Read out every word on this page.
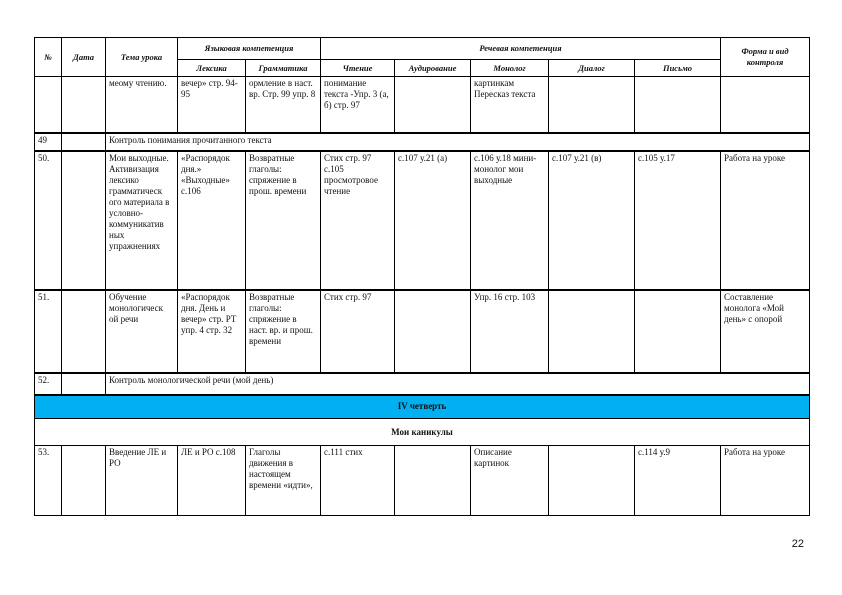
№	Дата	Тема урока	Языковая компетенция		Речевая компетенция					Форма и вид контроля
			Лексика	Грамматика	Чтение	Аудирование	Монолог	Диалог	Письмо	
		меому чтению.	вечер» стр. 94-95	ормление в наст. вр. Стр. 99 упр. 8	понимание текста -Упр. 3 (а, б) стр. 97		картинкам Пересказ текста			
49		Контроль понимания прочитанного текста								
50.		Мои выходные. Активизация лексико грамматическ ого материала в условно-коммуникатив ных упражнениях	«Распорядок дня.» «Выходные» с.106	Возвратные глаголы: спряжение в прош. времени	Стих стр. 97 с.105 просмотровое чтение	с.107 у.21 (а)	с.106 у.18 мини-монолог мои выходные	с.107 у.21 (в)	с.105 у.17	Работа на уроке
51.		Обучение монологическ ой речи	«Распорядок дня. День и вечер» стр. РТ упр. 4 стр. 32	Возвратные глаголы: спряжение в наст. вр. и прош. времени	Стих стр. 97		Упр. 16 стр. 103			Составление монолога «Мой день» с опорой
52.		Контроль монологической речи (мой день)								
IV четверть										
Мои каникулы										
53.		Введение ЛЕ и РО	ЛЕ и РО с.108	Глаголы движения в настоящем времени «идти»,	с.111 стих		Описание картинок		с.114 у.9	Работа на уроке
22
